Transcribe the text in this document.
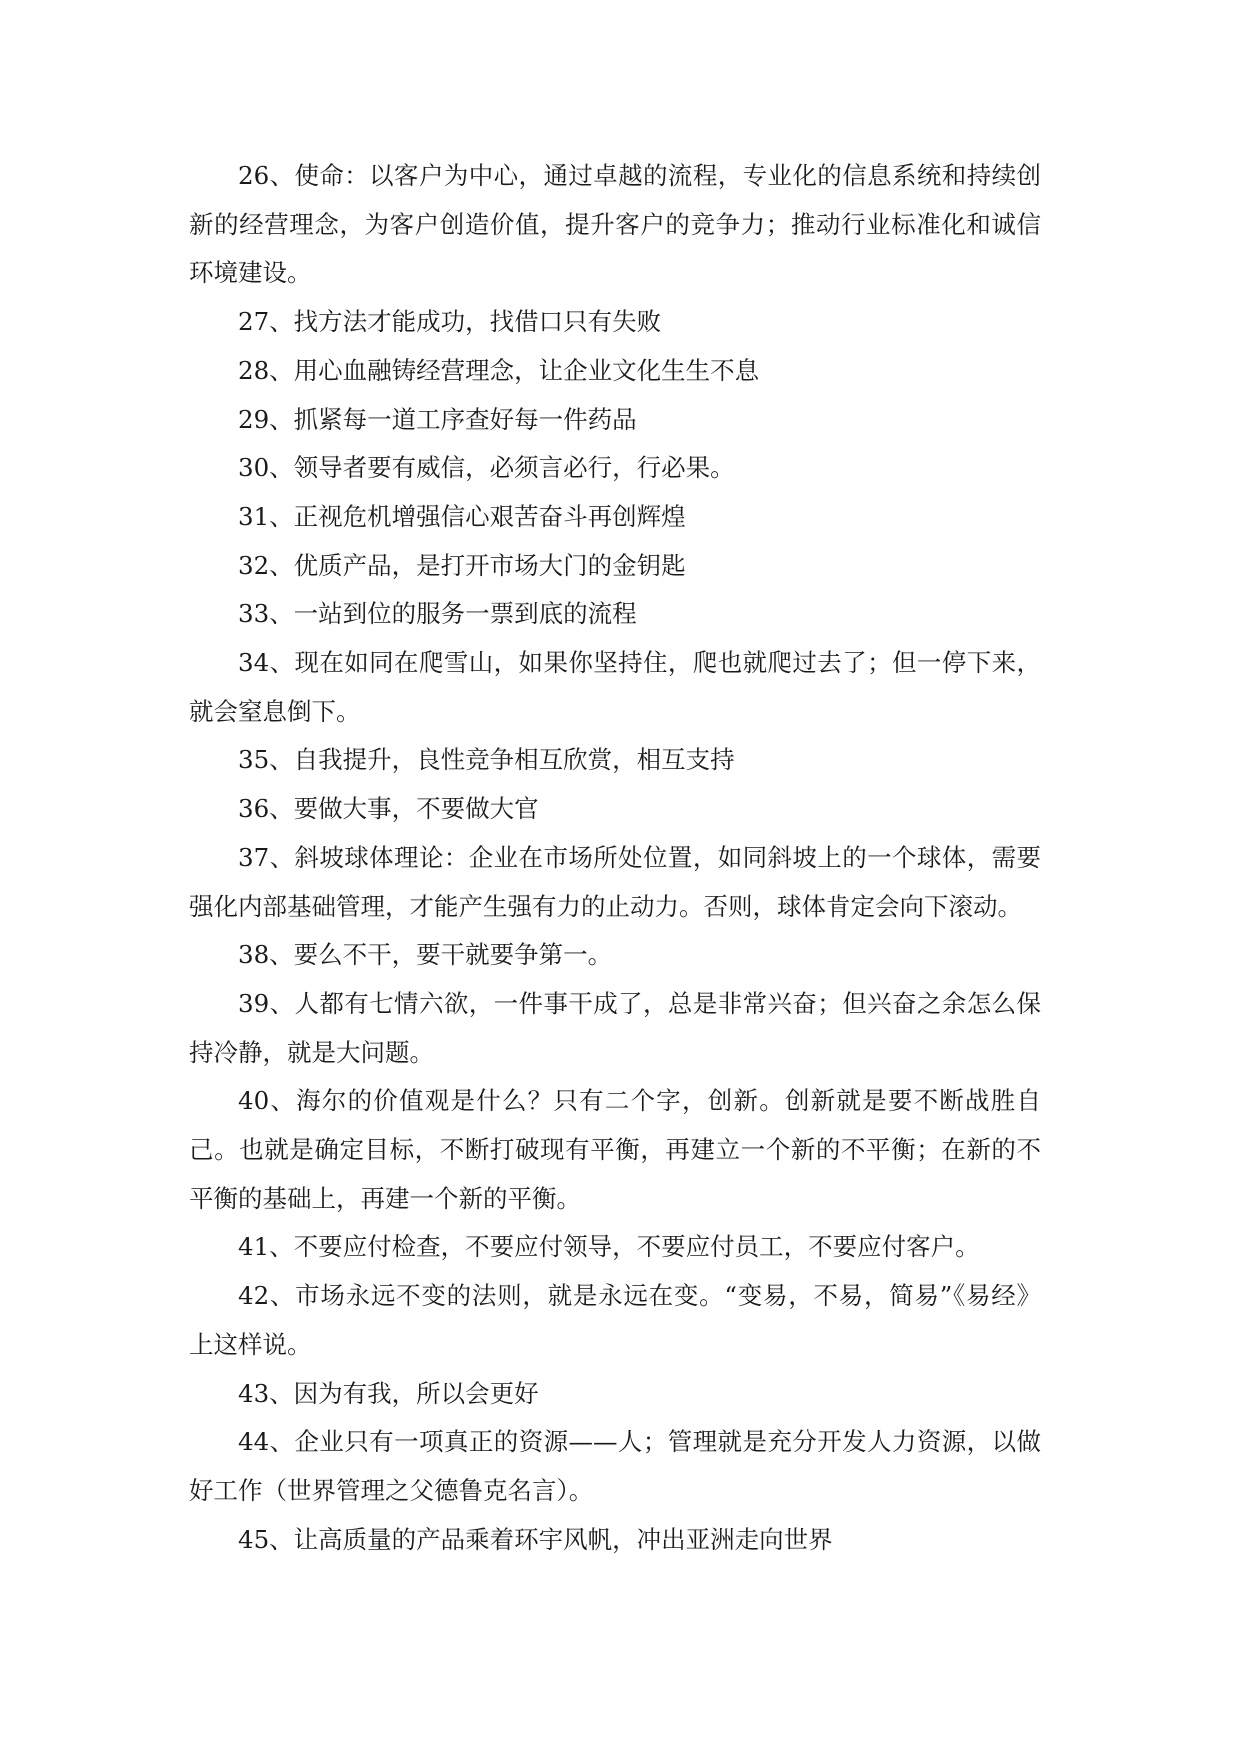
26、使命：以客户为中心，通过卓越的流程，专业化的信息系统和持续创新的经营理念，为客户创造价值，提升客户的竞争力；推动行业标准化和诚信环境建设。

27、找方法才能成功，找借口只有失败

28、用心血融铸经营理念，让企业文化生生不息

29、抓紧每一道工序查好每一件药品

30、领导者要有威信，必须言必行，行必果。

31、正视危机增强信心艰苦奋斗再创辉煌

32、优质产品，是打开市场大门的金钥匙

33、一站到位的服务一票到底的流程

34、现在如同在爬雪山，如果你坚持住，爬也就爬过去了；但一停下来，就会窒息倒下。

35、自我提升，良性竞争相互欣赏，相互支持

36、要做大事，不要做大官

37、斜坡球体理论：企业在市场所处位置，如同斜坡上的一个球体，需要强化内部基础管理，才能产生强有力的止动力。否则，球体肯定会向下滚动。

38、要么不干，要干就要争第一。

39、人都有七情六欲，一件事干成了，总是非常兴奋；但兴奋之余怎么保持冷静，就是大问题。

40、海尔的价值观是什么？只有二个字，创新。创新就是要不断战胜自己。也就是确定目标，不断打破现有平衡，再建立一个新的不平衡；在新的不平衡的基础上，再建一个新的平衡。

41、不要应付检查，不要应付领导，不要应付员工，不要应付客户。

42、市场永远不变的法则，就是永远在变。“变易，不易，简易”《易经》上这样说。

43、因为有我，所以会更好

44、企业只有一项真正的资源——人；管理就是充分开发人力资源，以做好工作（世界管理之父德鲁克名言）。

45、让高质量的产品乘着环宇风帆，冲出亚洲走向世界
